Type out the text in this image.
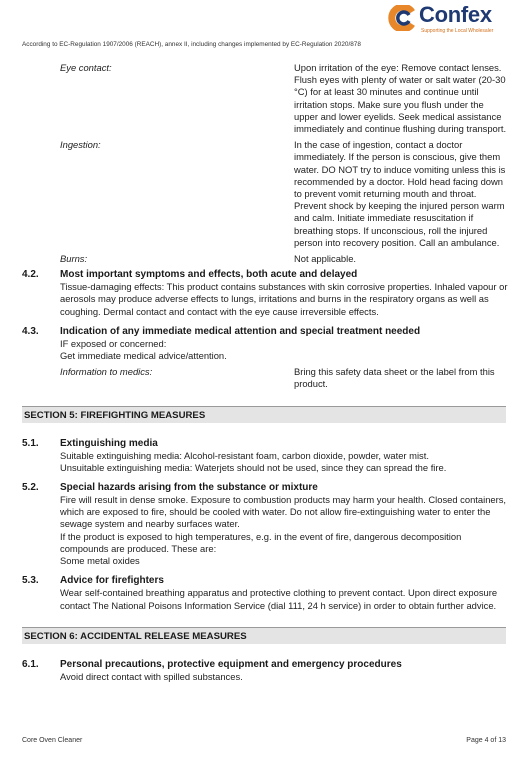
Confex
Supporting the Local Wholesaler
According to EC-Regulation 1907/2006 (REACH), annex II, including changes implemented by EC-Regulation 2020/878
Eye contact:	Upon irritation of the eye: Remove contact lenses. Flush eyes with plenty of water or salt water (20-30 °C) for at least 30 minutes and continue until irritation stops. Make sure you flush under the upper and lower eyelids. Seek medical assistance immediately and continue flushing during transport.
Ingestion:	In the case of ingestion, contact a doctor immediately. If the person is conscious, give them water. DO NOT try to induce vomiting unless this is recommended by a doctor. Hold head facing down to prevent vomit returning mouth and throat. Prevent shock by keeping the injured person warm and calm. Initiate immediate resuscitation if breathing stops. If unconscious, roll the injured person into recovery position. Call an ambulance.
Burns:	Not applicable.
4.2. Most important symptoms and effects, both acute and delayed
Tissue-damaging effects: This product contains substances with skin corrosive properties. Inhaled vapour or aerosols may produce adverse effects to lungs, irritations and burns in the respiratory organs as well as coughing. Dermal contact and contact with the eye cause irreversible effects.
4.3. Indication of any immediate medical attention and special treatment needed
IF exposed or concerned:
Get immediate medical advice/attention.
Information to medics:	Bring this safety data sheet or the label from this product.
SECTION 5: FIREFIGHTING MEASURES
5.1. Extinguishing media
Suitable extinguishing media: Alcohol-resistant foam, carbon dioxide, powder, water mist.
Unsuitable extinguishing media: Waterjets should not be used, since they can spread the fire.
5.2. Special hazards arising from the substance or mixture
Fire will result in dense smoke. Exposure to combustion products may harm your health. Closed containers, which are exposed to fire, should be cooled with water. Do not allow fire-extinguishing water to enter the sewage system and nearby surfaces water.
If the product is exposed to high temperatures, e.g. in the event of fire, dangerous decomposition compounds are produced. These are:
Some metal oxides
5.3. Advice for firefighters
Wear self-contained breathing apparatus and protective clothing to prevent contact. Upon direct exposure contact The National Poisons Information Service (dial 111, 24 h service) in order to obtain further advice.
SECTION 6: ACCIDENTAL RELEASE MEASURES
6.1. Personal precautions, protective equipment and emergency procedures
Avoid direct contact with spilled substances.
Core Oven Cleaner	Page 4 of 13
